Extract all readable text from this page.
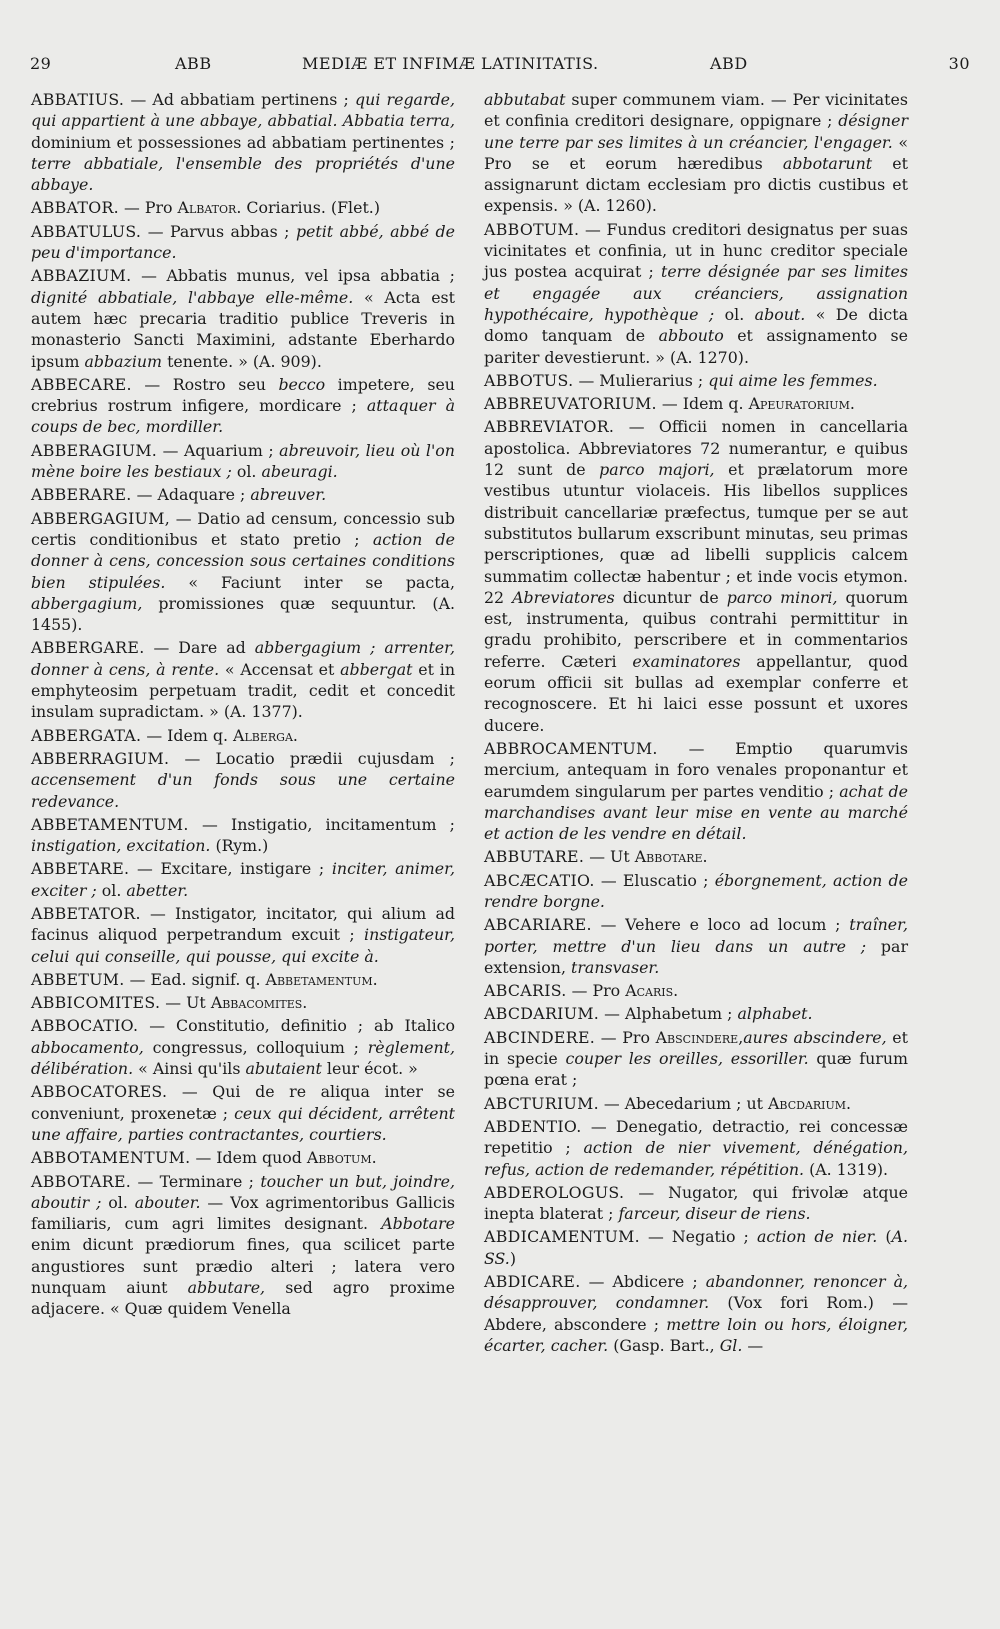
29	ABB	MEDIÆ ET INFIMÆ LATINITATIS.	ABD	30

ABBATIUS. — Ad abbatiam pertinens ; qui regarde, qui appartient à une abbaye, abbatial. Abbatia terra, dominium et possessiones ad abbatiam pertinentes ; terre abbatiale, l'ensemble des propriétés d'une abbaye.

ABBATOR. — Pro Albator. Coriarius. (Flet.)

ABBATULUS. — Parvus abbas ; petit abbé, abbé de peu d'importance.

ABBAZIUM. — Abbatis munus, vel ipsa abbatia ; dignité abbatiale, l'abbaye elle-même. « Acta est autem hæc precaria traditio publice Treveris in monasterio Sancti Maximini, adstante Eberhardo ipsum abbazium tenente. » (A. 909).

ABBECARE. — Rostro seu becco impetere, seu crebrius rostrum infigere, mordicare ; attaquer à coups de bec, mordiller.

ABBERAGIUM. — Aquarium ; abreuvoir, lieu où l'on mène boire les bestiaux ; ol. abeuragi.

ABBERARE. — Adaquare ; abreuver.

ABBERGAGIUM, — Datio ad censum, concessio sub certis conditionibus et stato pretio ; action de donner à cens, concession sous certaines conditions bien stipulées. « Faciunt inter se pacta, abbergagium, promissiones quæ sequuntur. (A. 1455).

ABBERGARE. — Dare ad abbergagium ; arrenter, donner à cens, à rente. « Accensat et abbergat et in emphyteosim perpetuam tradit, cedit et concedit insulam supradictam. » (A. 1377).

ABBERGATA. — Idem q. Alberga.

ABBERRAGIUM. — Locatio prædii cujusdam ; accensement d'un fonds sous une certaine redevance.

ABBETAMENTUM. — Instigatio, incitamentum ; instigation, excitation. (Rym.)

ABBETARE. — Excitare, instigare ; inciter, animer, exciter ; ol. abetter.

ABBETATOR. — Instigator, incitator, qui alium ad facinus aliquod perpetrandum excuit ; instigateur, celui qui conseille, qui pousse, qui excite à.

ABBETUM. — Ead. signif. q. Abbetamentum.

ABBICOMITES. — Ut Abbacomites.

ABBOCATIO. — Constitutio, definitio ; ab Italico abbocamento, congressus, colloquium ; règlement, délibération. « Ainsi qu'ils abutaient leur écot. »

ABBOCATORES. — Qui de re aliqua inter se conveniunt, proxenetæ ; ceux qui décident, arrêtent une affaire, parties contractantes, courtiers.

ABBOTAMENTUM. — Idem quod Abbotum.

ABBOTARE. — Terminare ; toucher un but, joindre, aboutir ; ol. abouter. — Vox agrimentoribus Gallicis familiaris, cum agri limites designant. Abbotare enim dicunt prædiorum fines, qua scilicet parte angustiores sunt prædio alteri ; latera vero nunquam aiunt abbutare, sed agro proxime adjacere. « Quæ quidem Venella

abbutabat super communem viam. — Per vicinitates et confinia creditori designare, oppignare ; désigner une terre par ses limites à un créancier, l'engager. « Pro se et eorum hæredibus abbotarunt et assignarunt dictam ecclesiam pro dictis custibus et expensis. » (A. 1260).

ABBOTUM. — Fundus creditori designatus per suas vicinitates et confinia, ut in hunc creditor speciale jus postea acquirat ; terre désignée par ses limites et engagée aux créanciers, assignation hypothécaire, hypothèque ; ol. about. « De dicta domo tanquam de abbouto et assignamento se pariter devestierunt. » (A. 1270).

ABBOTUS. — Mulierarius ; qui aime les femmes.

ABBREUVATORIUM. — Idem q. Apeuratorium.

ABBREVIATOR. — Officii nomen in cancellaria apostolica. Abbreviatores 72 numerantur, e quibus 12 sunt de parco majori, et prælatorum more vestibus utuntur violaceis. His libellos supplices distribuit cancellariæ præfectus, tumque per se aut substitutos bullarum exscribunt minutas, seu primas perscriptiones, quæ ad libelli supplicis calcem summatim collectæ habentur ; et inde vocis etymon. 22 Abreviatores dicuntur de parco minori, quorum est, instrumenta, quibus contrahi permittitur in gradu prohibito, perscribere et in commentarios referre. Cæteri examinatores appellantur, quod eorum officii sit bullas ad exemplar conferre et recognoscere. Et hi laici esse possunt et uxores ducere.

ABBROCAMENTUM. — Emptio quarumvis mercium, antequam in foro venales proponantur et earumdem singularum per partes venditio ; achat de marchandises avant leur mise en vente au marché et action de les vendre en détail.

ABBUTARE. — Ut Abbotare.

ABCÆCATIO. — Eluscatio ; éborgnement, action de rendre borgne.

ABCARIARE. — Vehere e loco ad locum ; traîner, porter, mettre d'un lieu dans un autre ; par extension, transvaser.

ABCARIS. — Pro Acaris.

ABCDARIUM. — Alphabetum ; alphabet.

ABCINDERE. — Pro Abscindere,aures abscindere, et in specie couper les oreilles, essoriller. quæ furum pœna erat ;

ABCTURIUM. — Abecedarium ; ut Abcdarium.

ABDENTIO. — Denegatio, detractio, rei concessæ repetitio ; action de nier vivement, dénégation, refus, action de redemander, répétition. (A. 1319).

ABDEROLOGUS. — Nugator, qui frivolæ atque inepta blaterat ; farceur, diseur de riens.

ABDICAMENTUM. — Negatio ; action de nier. (A. SS.)

ABDICARE. — Abdicere ; abandonner, renoncer à, désapprouver, condamner. (Vox fori Rom.) — Abdere, abscondere ; mettre loin ou hors, éloigner, écarter, cacher. (Gasp. Bart., Gl. —
